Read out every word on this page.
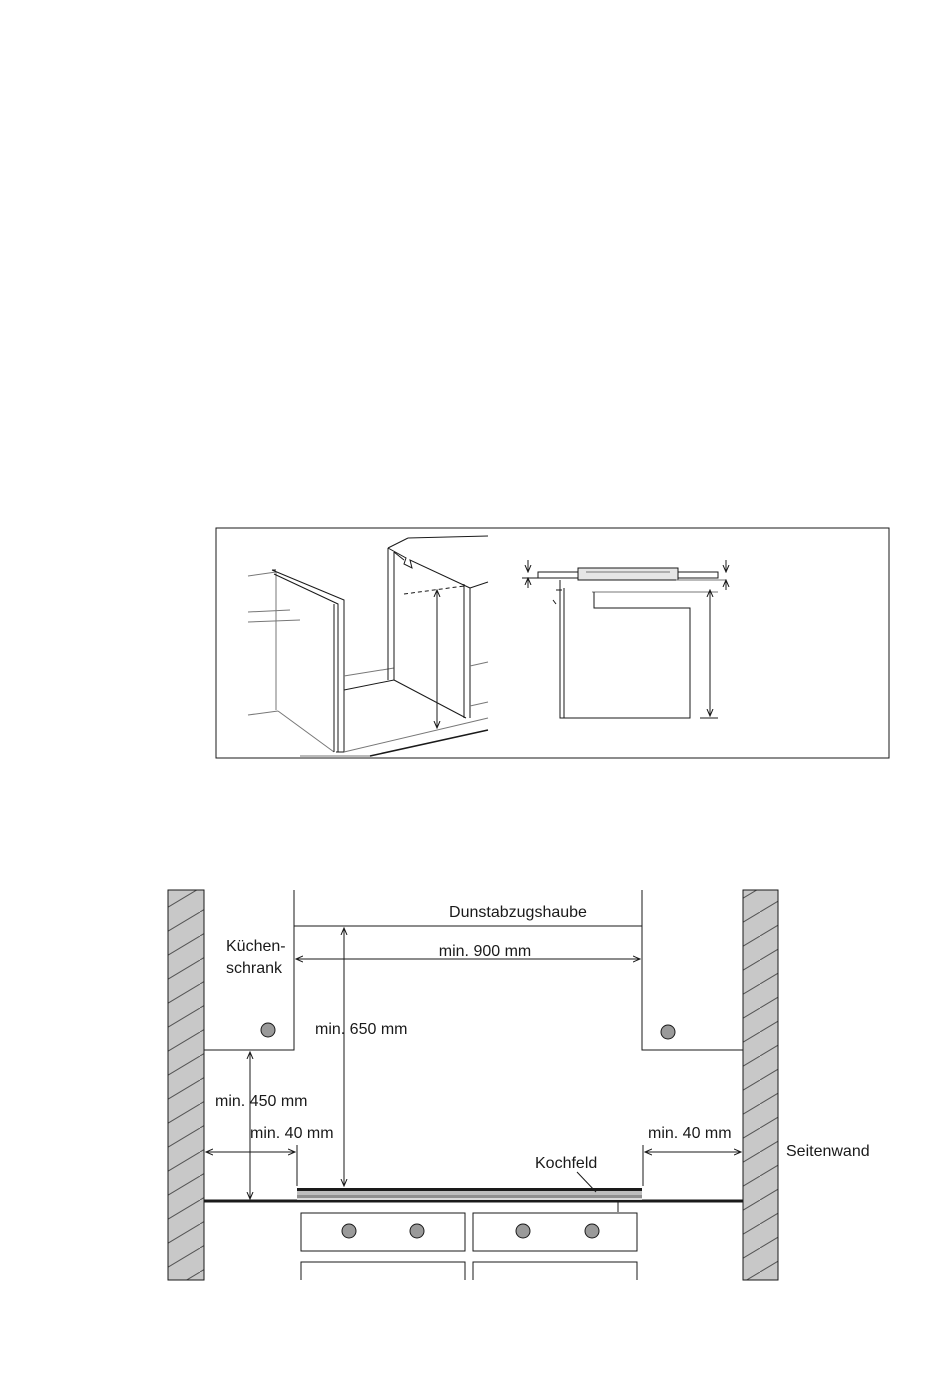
Dunstabzugshaube
Küchen-
schrank
min. 900 mm
min. 650 mm
min. 450 mm
min. 40 mm	min. 40 mm
Kochfeld
Seitenwand
